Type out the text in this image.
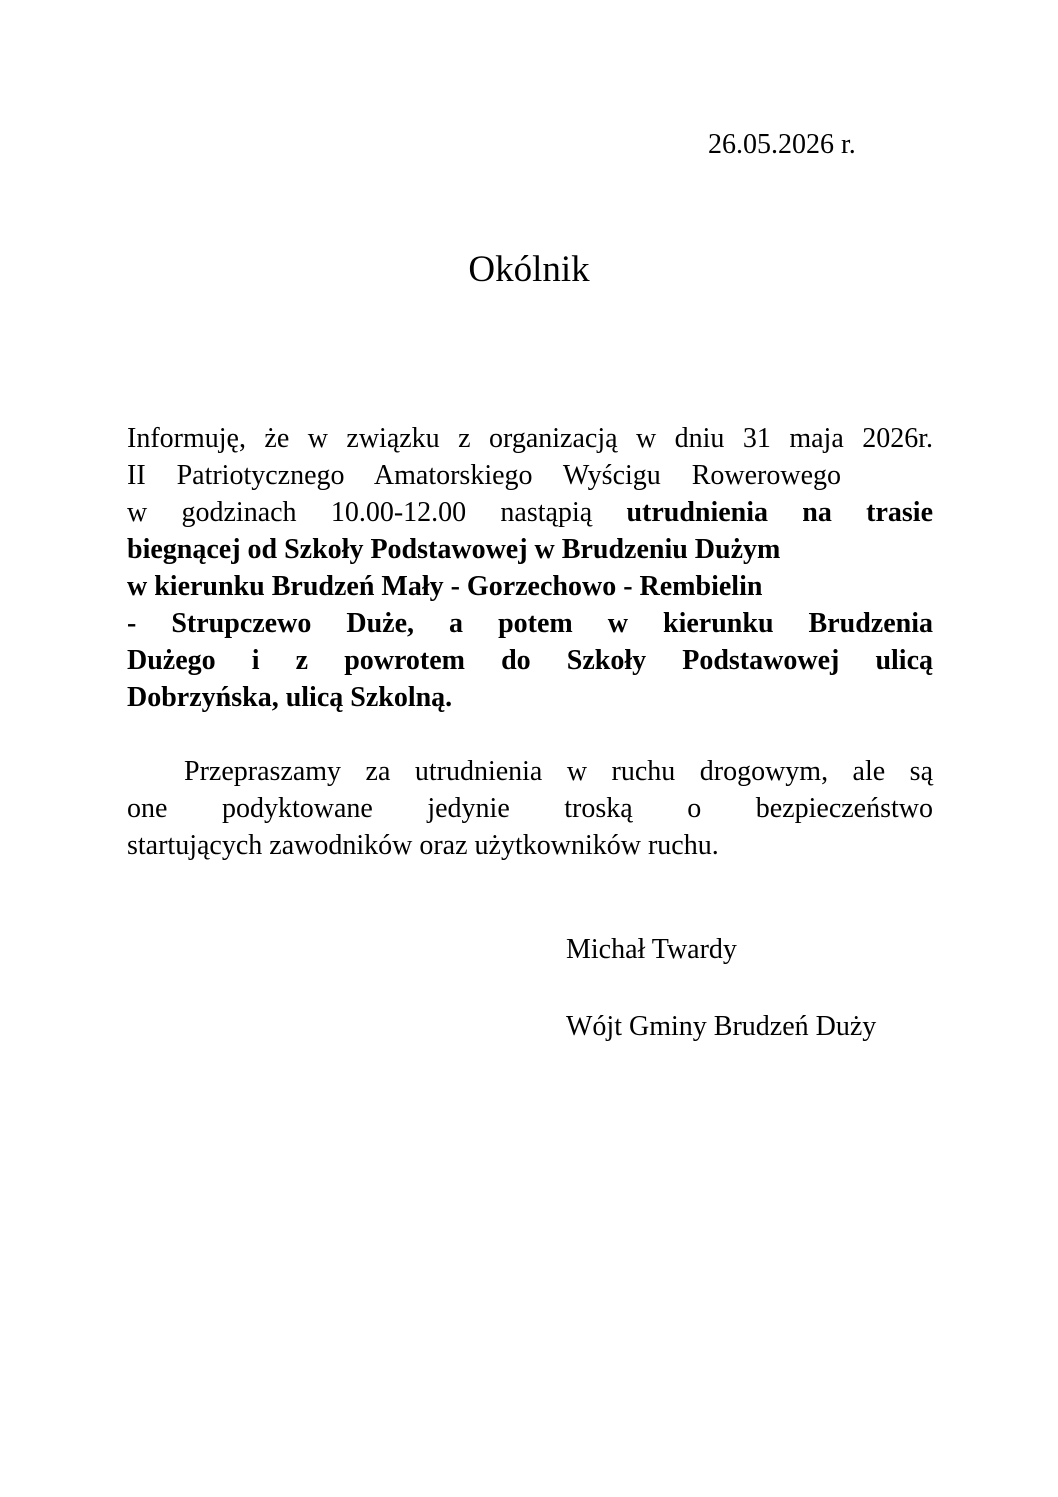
26.05.2026 r.
Okólnik
Informuję, że w związku z organizacją w dniu 31 maja 2026r.
II Patriotycznego Amatorskiego Wyścigu Rowerowego
w godzinach 10.00-12.00 nastąpią utrudnienia na trasie
biegnącej od Szkoły Podstawowej w Brudzeniu Dużym
w kierunku Brudzeń Mały - Gorzechowo - Rembielin
- Strupczewo Duże, a potem w kierunku Brudzenia
Dużego i z powrotem do Szkoły Podstawowej ulicą
Dobrzyńska, ulicą Szkolną.
Przepraszamy za utrudnienia w ruchu drogowym, ale są
one podyktowane jedynie troską o bezpieczeństwo
startujących zawodników oraz użytkowników ruchu.
Michał Twardy
Wójt Gminy Brudzeń Duży
